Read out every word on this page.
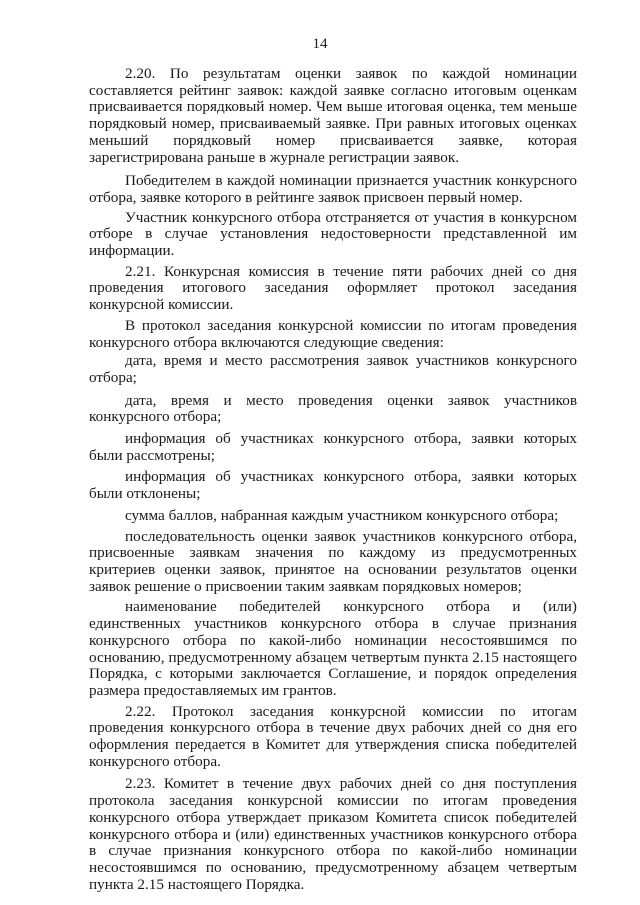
14

2.20. По результатам оценки заявок по каждой номинации составляется рейтинг заявок: каждой заявке согласно итоговым оценкам присваивается порядковый номер. Чем выше итоговая оценка, тем меньше порядковый номер, присваиваемый заявке. При равных итоговых оценках меньший порядковый номер присваивается заявке, которая зарегистрирована раньше в журнале регистрации заявок.

Победителем в каждой номинации признается участник конкурсного отбора, заявке которого в рейтинге заявок присвоен первый номер.

Участник конкурсного отбора отстраняется от участия в конкурсном отборе в случае установления недостоверности представленной им информации.

2.21. Конкурсная комиссия в течение пяти рабочих дней со дня проведения итогового заседания оформляет протокол заседания конкурсной комиссии.

В протокол заседания конкурсной комиссии по итогам проведения конкурсного отбора включаются следующие сведения:

дата, время и место рассмотрения заявок участников конкурсного отбора;

дата, время и место проведения оценки заявок участников конкурсного отбора;

информация об участниках конкурсного отбора, заявки которых были рассмотрены;

информация об участниках конкурсного отбора, заявки которых были отклонены;

сумма баллов, набранная каждым участником конкурсного отбора;

последовательность оценки заявок участников конкурсного отбора, присвоенные заявкам значения по каждому из предусмотренных критериев оценки заявок, принятое на основании результатов оценки заявок решение о присвоении таким заявкам порядковых номеров;

наименование победителей конкурсного отбора и (или) единственных участников конкурсного отбора в случае признания конкурсного отбора по какой-либо номинации несостоявшимся по основанию, предусмотренному абзацем четвертым пункта 2.15 настоящего Порядка, с которыми заключается Соглашение, и порядок определения размера предоставляемых им грантов.

2.22. Протокол заседания конкурсной комиссии по итогам проведения конкурсного отбора в течение двух рабочих дней со дня его оформления передается в Комитет для утверждения списка победителей конкурсного отбора.

2.23. Комитет в течение двух рабочих дней со дня поступления протокола заседания конкурсной комиссии по итогам проведения конкурсного отбора утверждает приказом Комитета список победителей конкурсного отбора и (или) единственных участников конкурсного отбора в случае признания конкурсного отбора по какой-либо номинации несостоявшимся по основанию, предусмотренному абзацем четвертым пункта 2.15 настоящего Порядка.
